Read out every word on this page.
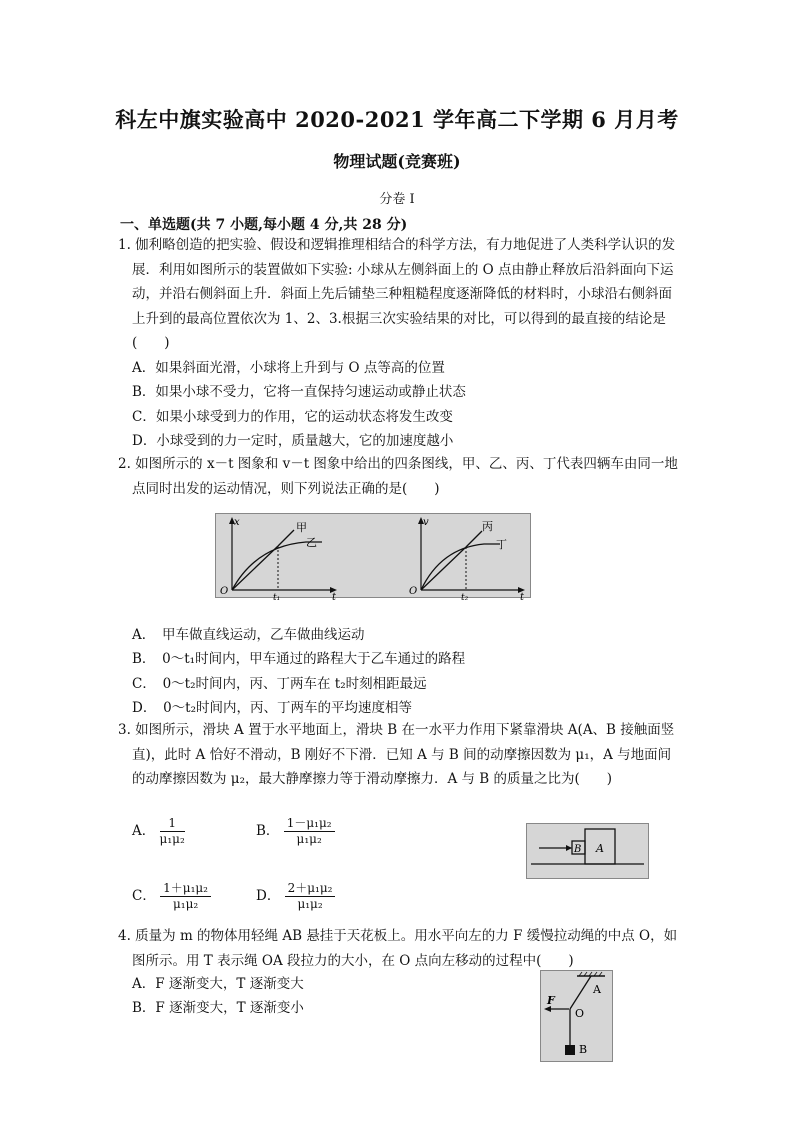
科左中旗实验高中 2020-2021 学年高二下学期 6 月月考
物理试题(竞赛班)
分卷 I
一、单选题(共 7 小题,每小题 4 分,共 28 分)
1. 伽利略创造的把实验、假设和逻辑推理相结合的科学方法，有力地促进了人类科学认识的发展．利用如图所示的装置做如下实验: 小球从左侧斜面上的 O 点由静止释放后沿斜面向下运动，并沿右侧斜面上升．斜面上先后铺垫三种粗糙程度逐渐降低的材料时，小球沿右侧斜面上升到的最高位置依次为 1、2、3.根据三次实验结果的对比，可以得到的最直接的结论是(　　)
A．如果斜面光滑，小球将上升到与 O 点等高的位置
B．如果小球不受力，它将一直保持匀速运动或静止状态
C．如果小球受到力的作用，它的运动状态将发生改变
D．小球受到的力一定时，质量越大，它的加速度越小
2. 如图所示的 x－t 图象和 v－t 图象中给出的四条图线，甲、乙、丙、丁代表四辆车由同一地点同时出发的运动情况，则下列说法正确的是(　　)
x
t
O
t₁
甲
乙
v
t
O
t₂
丙
丁
A．　甲车做直线运动，乙车做曲线运动
B．　0～t₁时间内，甲车通过的路程大于乙车通过的路程
C．　0～t₂时间内，丙、丁两车在 t₂时刻相距最远
D．　0～t₂时间内，丙、丁两车的平均速度相等
3. 如图所示，滑块 A 置于水平地面上，滑块 B 在一水平力作用下紧靠滑块 A(A、B 接触面竖直)，此时 A 恰好不滑动，B 刚好不下滑．已知 A 与 B 间的动摩擦因数为 μ₁，A 与地面间的动摩擦因数为 μ₂，最大静摩擦力等于滑动摩擦力．A 与 B 的质量之比为(　　)
A． $\frac{1}{\text{μ₁μ₂}}$	B． $\frac{\text{1－μ₁μ₂}}{\text{μ₁μ₂}}$
A
B
C． $\frac{\text{1＋μ₁μ₂}}{\text{μ₁μ₂}}$	D． $\frac{\text{2＋μ₁μ₂}}{\text{μ₁μ₂}}$
4. 质量为 m 的物体用轻绳 AB 悬挂于天花板上。用水平向左的力 F 缓慢拉动绳的中点 O，如图所示。用 T 表示绳 OA 段拉力的大小，在 O 点向左移动的过程中(　　)
A．F 逐渐变大，T 逐渐变大
B．F 逐渐变大，T 逐渐变小
A
O
B
F
